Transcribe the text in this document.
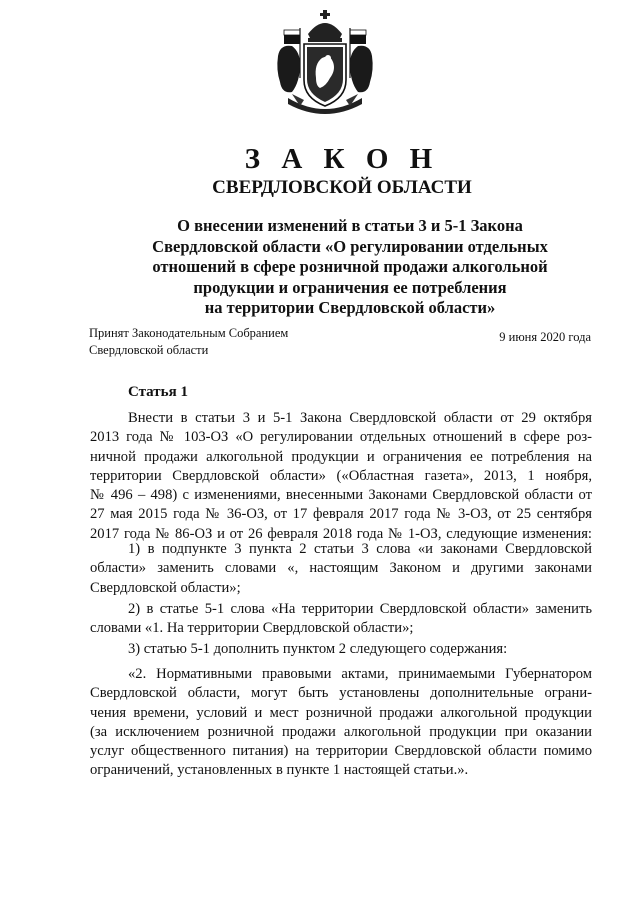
З А К О Н
СВЕРДЛОВСКОЙ ОБЛАСТИ
О внесении изменений в статьи 3 и 5-1 Закона
Свердловской области «О регулировании отдельных
отношений в сфере розничной продажи алкогольной
продукции и ограничения ее потребления
на территории Свердловской области»
Принят Законодательным Собранием
Свердловской области
9 июня 2020 года
Статья 1
Внести в статьи 3 и 5-1 Закона Свердловской области от 29 октября
2013 года № 103-ОЗ «О регулировании отдельных отношений в сфере роз-
ничной продажи алкогольной продукции и ограничения ее потребления на
территории Свердловской области» («Областная газета», 2013, 1 ноября,
№ 496 – 498) с изменениями, внесенными Законами Свердловской области от
27 мая 2015 года № 36-ОЗ, от 17 февраля 2017 года № 3-ОЗ, от 25 сентября
2017 года № 86-ОЗ и от 26 февраля 2018 года № 1-ОЗ, следующие изменения:
1) в подпункте 3 пункта 2 статьи 3 слова «и законами Свердловской
области» заменить словами «, настоящим Законом и другими законами
Свердловской области»;
2) в статье 5-1 слова «На территории Свердловской области» заменить
словами «1. На территории Свердловской области»;
3) статью 5-1 дополнить пунктом 2 следующего содержания:
«2. Нормативными правовыми актами, принимаемыми Губернатором
Свердловской области, могут быть установлены дополнительные ограни-
чения времени, условий и мест розничной продажи алкогольной продукции
(за исключением розничной продажи алкогольной продукции при оказании
услуг общественного питания) на территории Свердловской области помимо
ограничений, установленных в пункте 1 настоящей статьи.».
